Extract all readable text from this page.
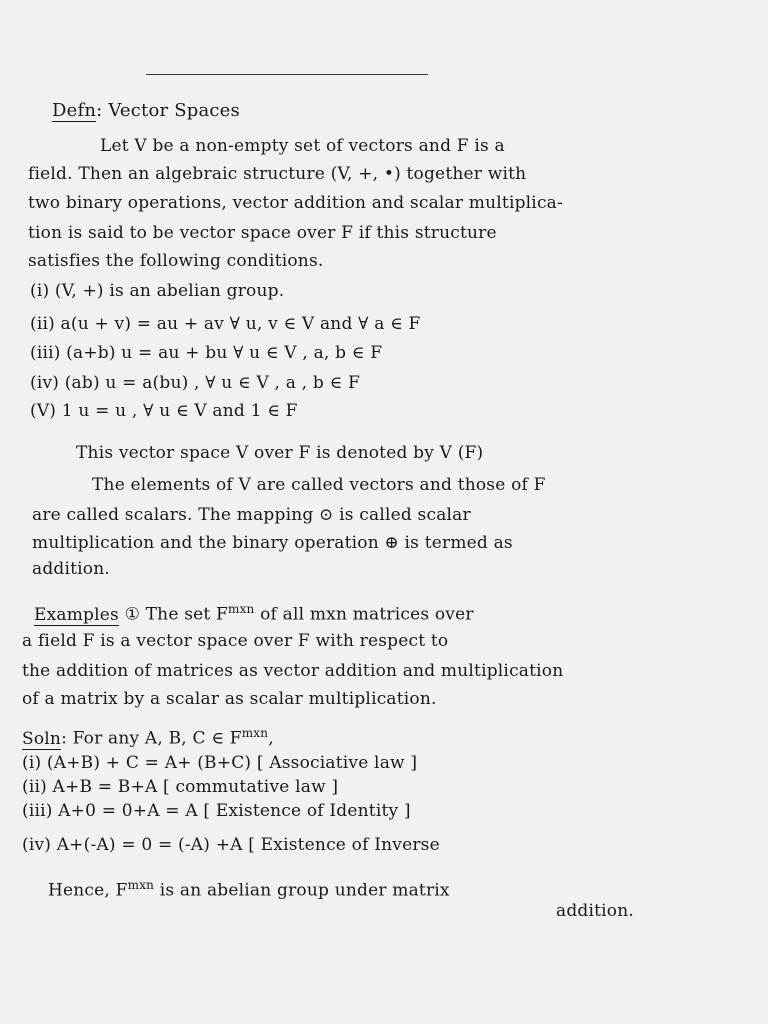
Defn: Vector Spaces
Let V be a non-empty set of vectors and F is a
field. Then an algebraic structure (V, +, •) together with
two binary operations, vector addition and scalar multiplica-
tion is said to be vector space over F if this structure
satisfies the following conditions.
(i) (V, +) is an abelian group.
(ii) a(u + v) = au + av ∀ u, v ∈ V and ∀ a ∈ F
(iii) (a+b) u = au + bu ∀ u ∈ V , a, b ∈ F
(iv) (ab) u = a(bu) , ∀ u ∈ V , a , b ∈ F
(V) 1 u = u , ∀ u ∈ V and 1 ∈ F
This vector space V over F is denoted by V (F)
The elements of V are called vectors and those of F
are called scalars. The mapping ⊙ is called scalar
multiplication and the binary operation ⊕ is termed as
addition.
Examples ① The set $F^{mxn}$ of all mxn matrices over
a field F is a vector space over F with respect to
the addition of matrices as vector addition and multiplication
of a matrix by a scalar as scalar multiplication.
Soln: For any A, B, C ∈ $F^{mxn}$,
(i) (A+B) + C = A+ (B+C) [ Associative law ]
(ii) A+B = B+A [ commutative law ]
(iii) A+0 = 0+A = A [ Existence of Identity ]
(iv) A+(-A) = 0 = (-A) +A [ Existence of Inverse
Hence, $F^{mxn}$ is an abelian group under matrix
addition.
